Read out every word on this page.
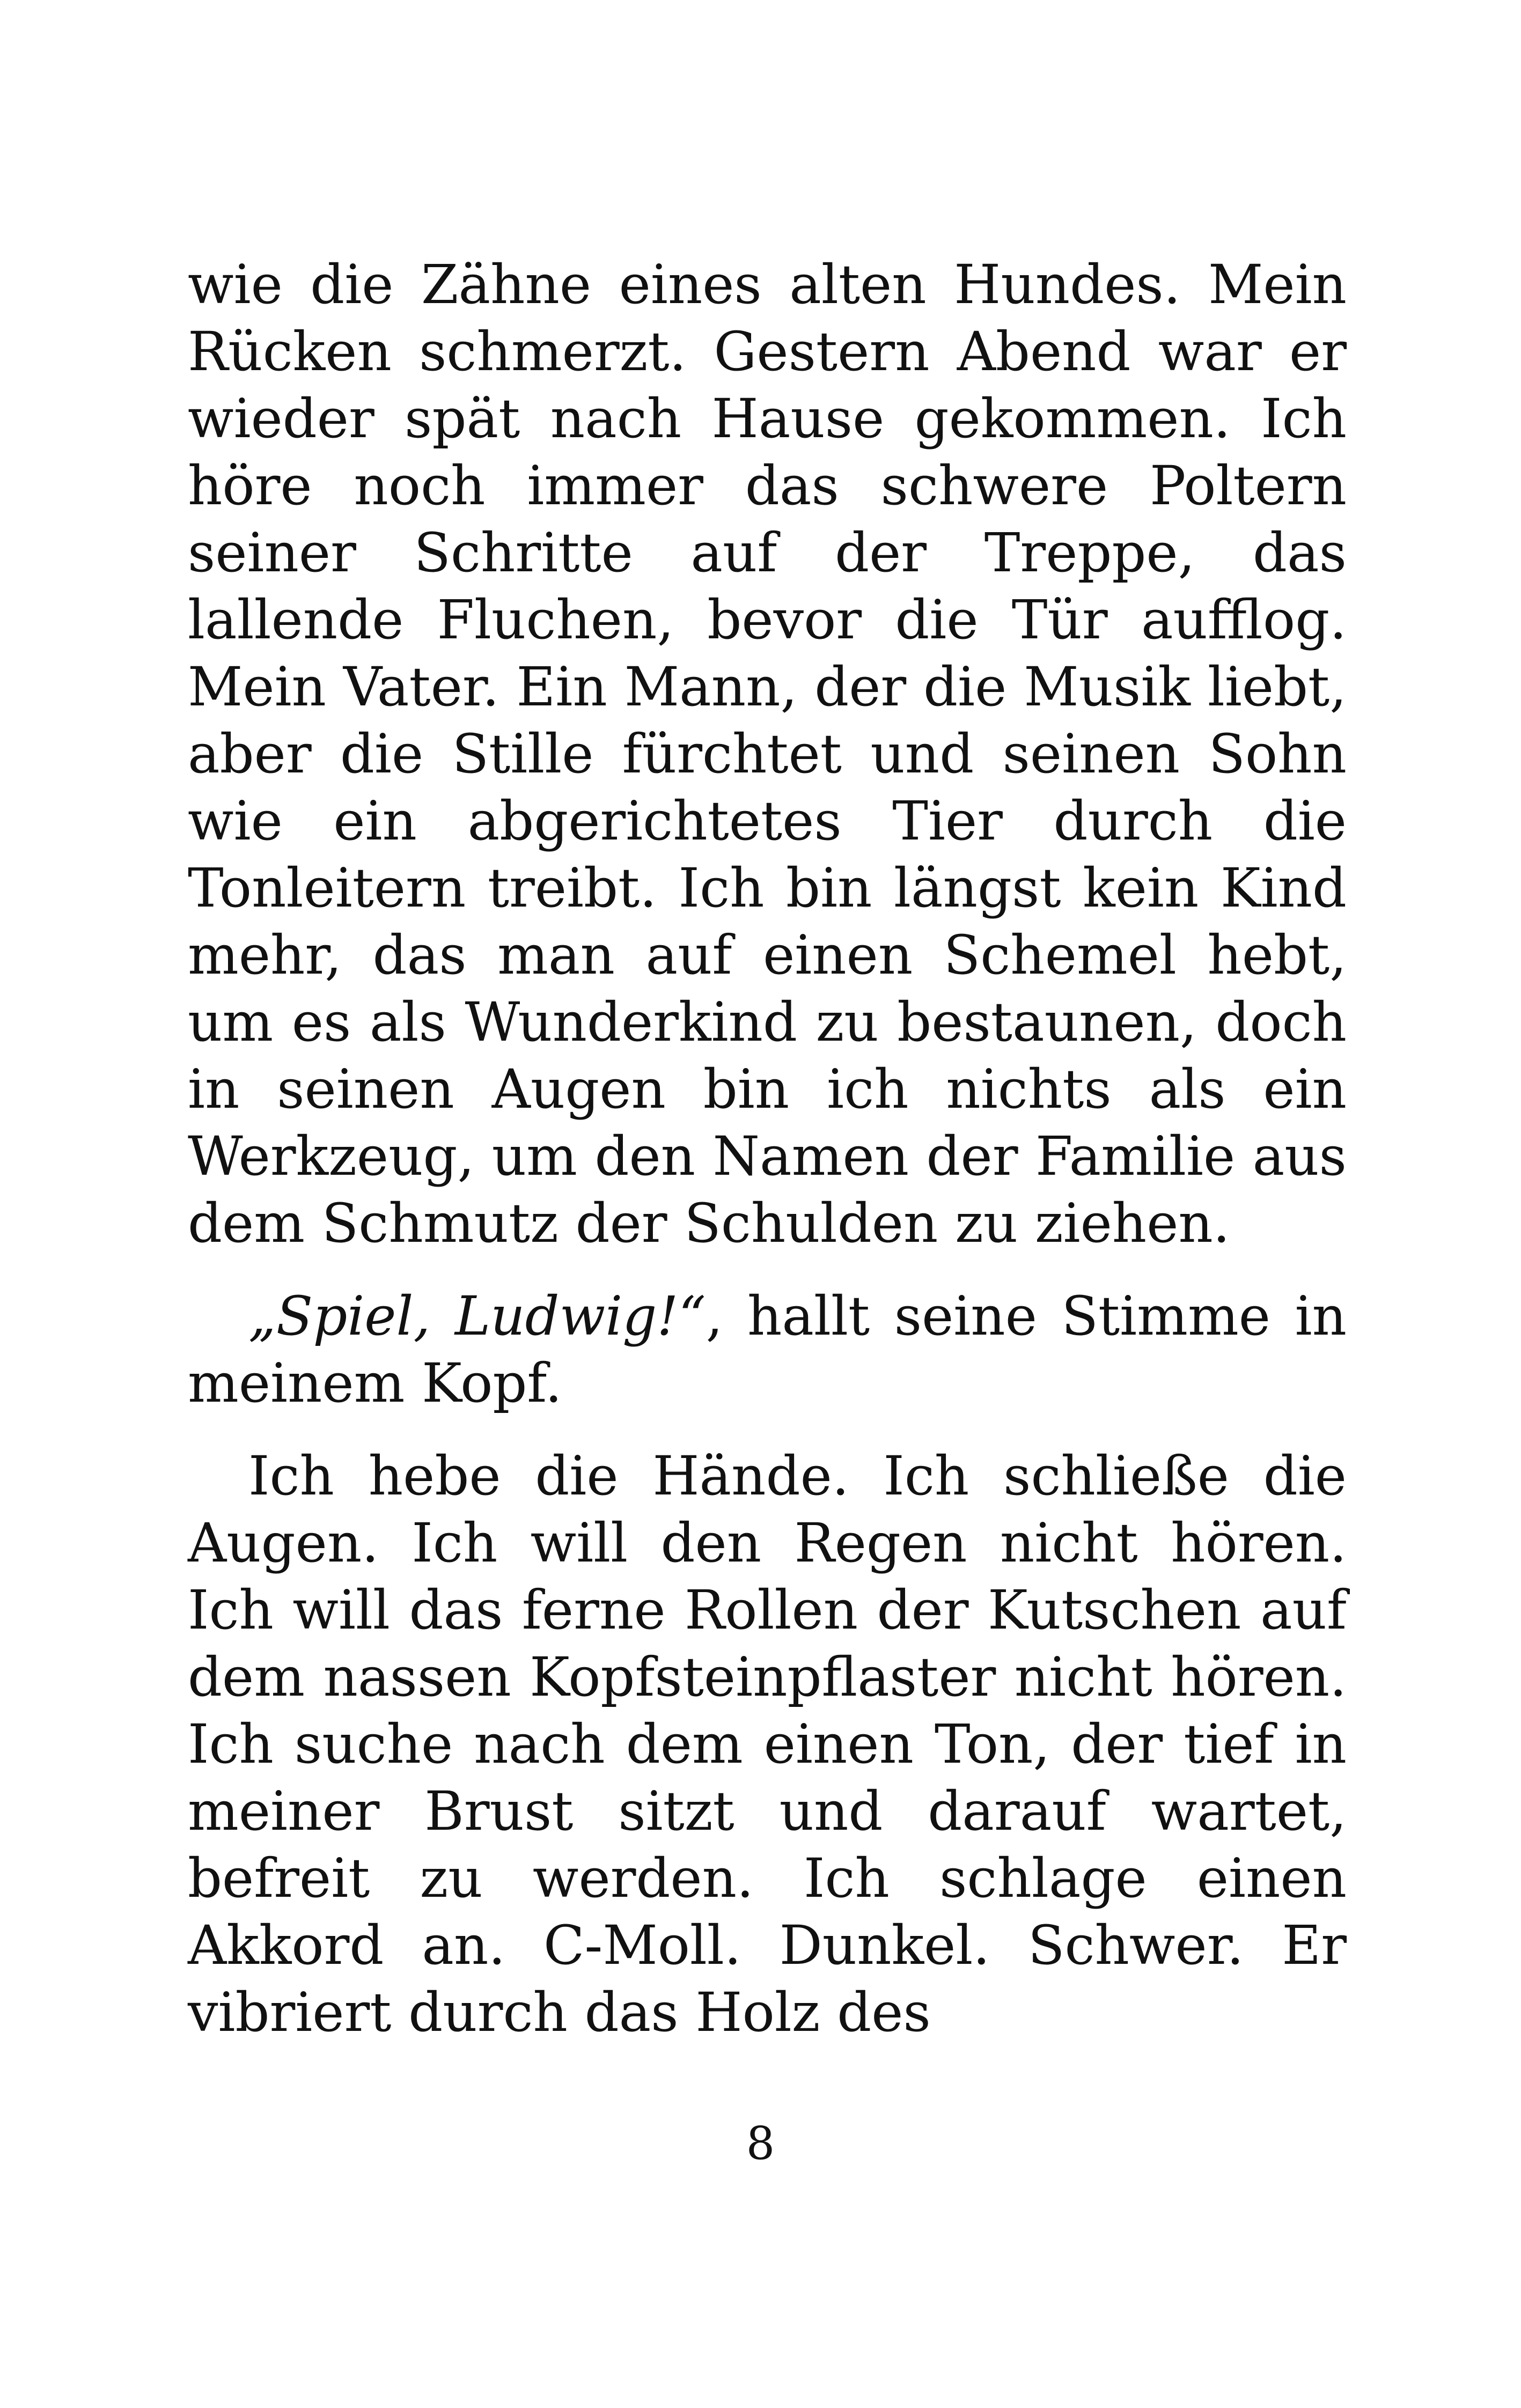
wie die Zähne eines alten Hundes. Mein Rücken schmerzt. Gestern Abend war er wieder spät nach Hause gekommen. Ich höre noch immer das schwere Poltern seiner Schritte auf der Treppe, das lallende Fluchen, bevor die Tür aufflog. Mein Vater. Ein Mann, der die Musik liebt, aber die Stille fürchtet und seinen Sohn wie ein abgerichtetes Tier durch die Tonleitern treibt. Ich bin längst kein Kind mehr, das man auf einen Schemel hebt, um es als Wunderkind zu bestaunen, doch in seinen Augen bin ich nichts als ein Werkzeug, um den Namen der Familie aus dem Schmutz der Schulden zu ziehen.

„Spiel, Ludwig!“, hallt seine Stimme in meinem Kopf.

Ich hebe die Hände. Ich schließe die Augen. Ich will den Regen nicht hören. Ich will das ferne Rollen der Kutschen auf dem nassen Kopfsteinpflaster nicht hören. Ich suche nach dem einen Ton, der tief in meiner Brust sitzt und darauf wartet, befreit zu werden. Ich schlage einen Akkord an. C-Moll. Dunkel. Schwer. Er vibriert durch das Holz des

8
